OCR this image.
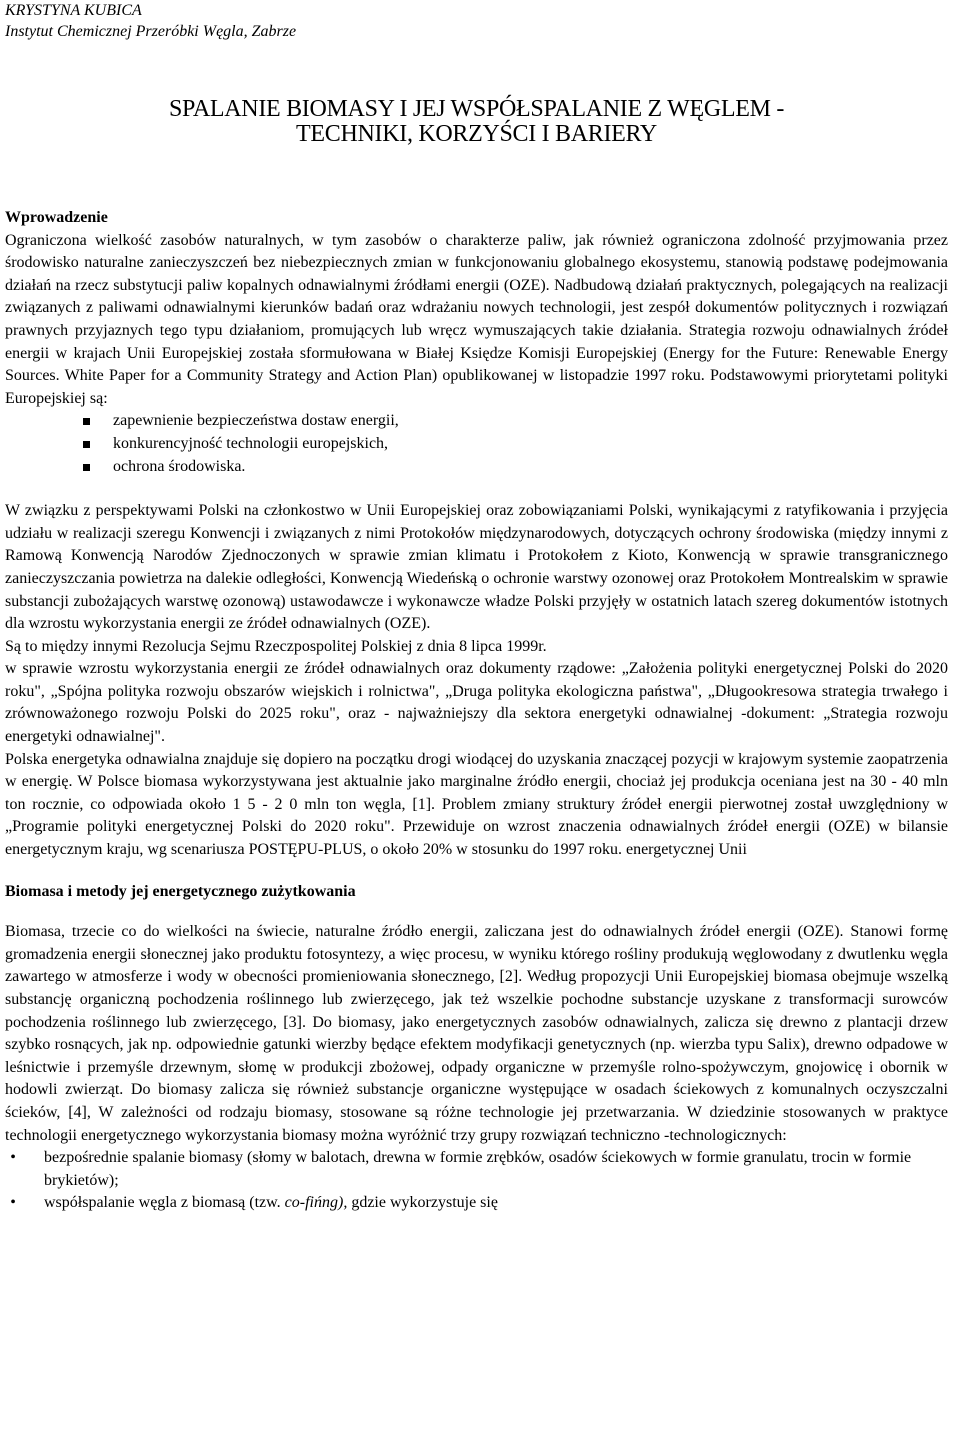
KRYSTYNA KUBICA
Instytut Chemicznej Przeróbki Węgla, Zabrze
SPALANIE BIOMASY I JEJ WSPÓŁSPALANIE Z WĘGLEM -
TECHNIKI, KORZYŚCI I BARIERY
Wprowadzenie

Ograniczona wielkość zasobów naturalnych, w tym zasobów o charakterze paliw, jak również ograniczona zdolność przyjmowania przez środowisko naturalne zanieczyszczeń bez niebezpiecznych zmian w funkcjonowaniu globalnego ekosystemu, stanowią podstawę podejmowania działań na rzecz substytucji paliw kopalnych odnawialnymi źródłami energii (OZE). Nadbudową działań praktycznych, polegających na realizacji związanych z paliwami odnawialnymi kierunków badań oraz wdrażaniu nowych technologii, jest zespół dokumentów politycznych i rozwiązań prawnych przyjaznych tego typu działaniom, promujących lub wręcz wymuszających takie działania. Strategia rozwoju odnawialnych źródeł energii w krajach Unii Europejskiej została sformułowana w Białej Księdze Komisji Europejskiej (Energy for the Future: Renewable Energy Sources. White Paper for a Community Strategy and Action Plan) opublikowanej w listopadzie 1997 roku. Podstawowymi priorytetami polityki Europejskiej są:

zapewnienie bezpieczeństwa dostaw energii,
konkurencyjność technologii europejskich,
ochrona środowiska.

W związku z perspektywami Polski na członkostwo w Unii Europejskiej oraz zobowiązaniami Polski, wynikającymi z ratyfikowania i przyjęcia udziału w realizacji szeregu Konwencji i związanych z nimi Protokołów międzynarodowych, dotyczących ochrony środowiska (między innymi z Ramową Konwencją Narodów Zjednoczonych w sprawie zmian klimatu i Protokołem z Kioto, Konwencją w sprawie transgranicznego zanieczyszczania powietrza na dalekie odległości, Konwencją Wiedeńską o ochronie warstwy ozonowej oraz Protokołem Montrealskim w sprawie substancji zubożających warstwę ozonową) ustawodawcze i wykonawcze władze Polski przyjęły w ostatnich latach szereg dokumentów istotnych dla wzrostu wykorzystania energii ze źródeł odnawialnych (OZE).

Są to między innymi Rezolucja Sejmu Rzeczpospolitej Polskiej z dnia 8 lipca 1999r.

w sprawie wzrostu wykorzystania energii ze źródeł odnawialnych oraz dokumenty rządowe: „Założenia polityki energetycznej Polski do 2020 roku", „Spójna polityka rozwoju obszarów wiejskich i rolnictwa", „Druga polityka ekologiczna państwa", „Długookresowa strategia trwałego i zrównoważonego rozwoju Polski do 2025 roku", oraz - najważniejszy dla sektora energetyki odnawialnej -dokument: „Strategia rozwoju energetyki odnawialnej".

Polska energetyka odnawialna znajduje się dopiero na początku drogi wiodącej do uzyskania znaczącej pozycji w krajowym systemie zaopatrzenia w energię. W Polsce biomasa wykorzystywana jest aktualnie jako marginalne źródło energii, chociaż jej produkcja oceniana jest na 30 - 40 mln ton rocznie, co odpowiada około 1 5 - 2 0 mln ton węgla, [1]. Problem zmiany struktury źródeł energii pierwotnej został uwzględniony w „Programie polityki energetycznej Polski do 2020 roku". Przewiduje on wzrost znaczenia odnawialnych źródeł energii (OZE) w bilansie energetycznym kraju, wg scenariusza POSTĘPU-PLUS, o około 20% w stosunku do 1997 roku. energetycznej Unii

Biomasa i metody jej energetycznego zużytkowania

Biomasa, trzecie co do wielkości na świecie, naturalne źródło energii, zaliczana jest do odnawialnych źródeł energii (OZE). Stanowi formę gromadzenia energii słonecznej jako produktu fotosyntezy, a więc procesu, w wyniku którego rośliny produkują węglowodany z dwutlenku węgla zawartego w atmosferze i wody w obecności promieniowania słonecznego, [2]. Według propozycji Unii Europejskiej biomasa obejmuje wszelką substancję organiczną pochodzenia roślinnego lub zwierzęcego, jak też wszelkie pochodne substancje uzyskane z transformacji surowców pochodzenia roślinnego lub zwierzęcego, [3]. Do biomasy, jako energetycznych zasobów odnawialnych, zalicza się drewno z plantacji drzew szybko rosnących, jak np. odpowiednie gatunki wierzby będące efektem modyfikacji genetycznych (np. wierzba typu Salix), drewno odpadowe w leśnictwie i przemyśle drzewnym, słomę w produkcji zbożowej, odpady organiczne w przemyśle rolno-spożywczym, gnojowicę i obornik w hodowli zwierząt. Do biomasy zalicza się również substancje organiczne występujące w osadach ściekowych z komunalnych oczyszczalni ścieków, [4], W zależności od rodzaju biomasy, stosowane są różne technologie jej przetwarzania. W dziedzinie stosowanych w praktyce technologii energetycznego wykorzystania biomasy można wyróżnić trzy grupy rozwiązań techniczno -technologicznych:

•	bezpośrednie spalanie biomasy (słomy w balotach, drewna w formie zrębków, osadów ściekowych w formie granulatu, trocin w formie brykietów);
•	współspalanie węgla z biomasą (tzw. co-fińng), gdzie wykorzystuje się
